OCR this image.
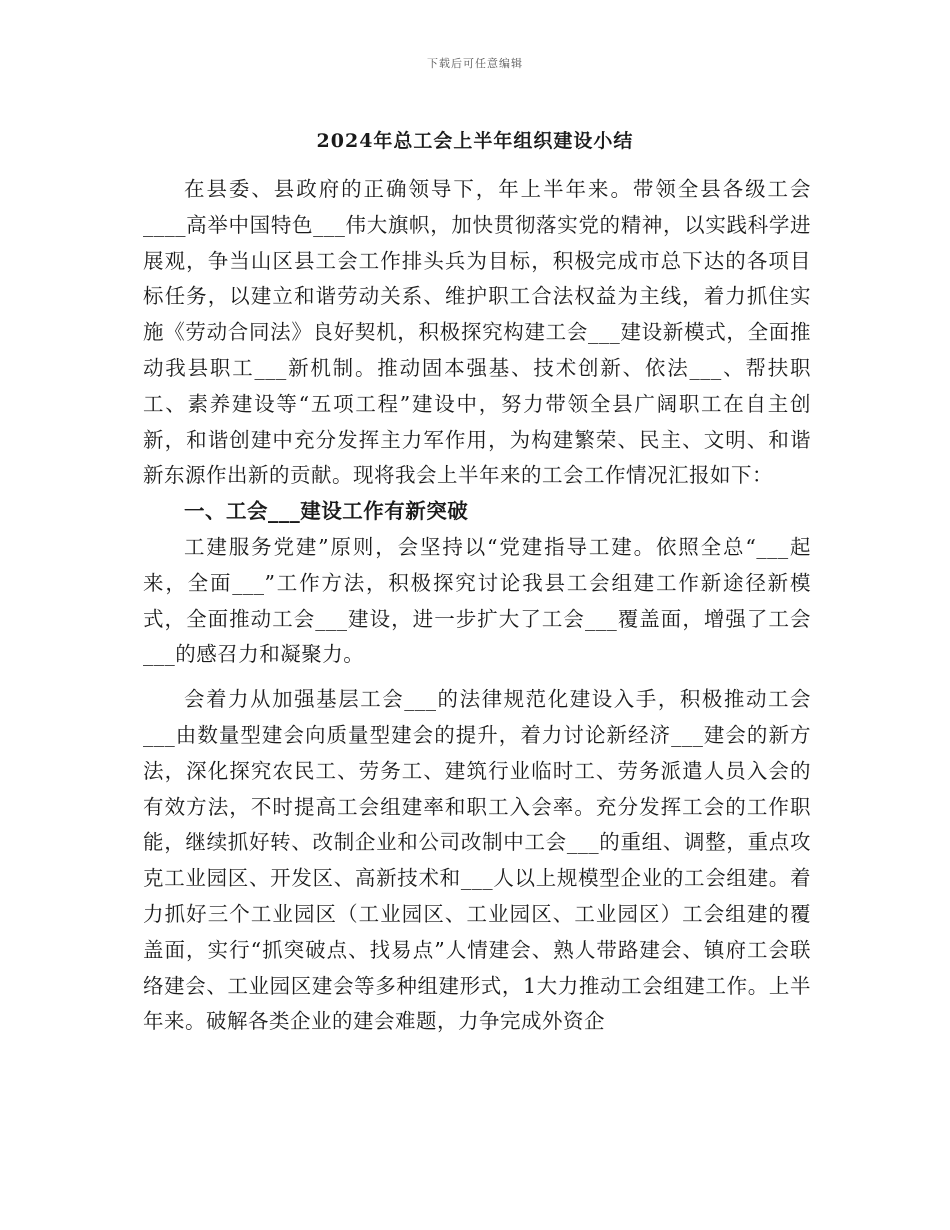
下载后可任意编辑
2024年总工会上半年组织建设小结

在县委、县政府的正确领导下，年上半年来。带领全县各级工会____高举中国特色___伟大旗帜，加快贯彻落实党的精神，以实践科学进展观，争当山区县工会工作排头兵为目标，积极完成市总下达的各项目标任务，以建立和谐劳动关系、维护职工合法权益为主线，着力抓住实施《劳动合同法》良好契机，积极探究构建工会___建设新模式，全面推动我县职工___新机制。推动固本强基、技术创新、依法___、帮扶职工、素养建设等“五项工程”建设中，努力带领全县广阔职工在自主创新，和谐创建中充分发挥主力军作用，为构建繁荣、民主、文明、和谐新东源作出新的贡献。现将我会上半年来的工会工作情况汇报如下：

一、工会___建设工作有新突破

工建服务党建”原则，会坚持以“党建指导工建。依照全总“___起来，全面___”工作方法，积极探究讨论我县工会组建工作新途径新模式，全面推动工会___建设，进一步扩大了工会___覆盖面，增强了工会___的感召力和凝聚力。

会着力从加强基层工会___的法律规范化建设入手，积极推动工会___由数量型建会向质量型建会的提升，着力讨论新经济___建会的新方法，深化探究农民工、劳务工、建筑行业临时工、劳务派遣人员入会的有效方法，不时提高工会组建率和职工入会率。充分发挥工会的工作职能，继续抓好转、改制企业和公司改制中工会___的重组、调整，重点攻克工业园区、开发区、高新技术和___人以上规模型企业的工会组建。着力抓好三个工业园区（工业园区、工业园区、工业园区）工会组建的覆盖面，实行“抓突破点、找易点”人情建会、熟人带路建会、镇府工会联络建会、工业园区建会等多种组建形式，1大力推动工会组建工作。上半年来。破解各类企业的建会难题，力争完成外资企
